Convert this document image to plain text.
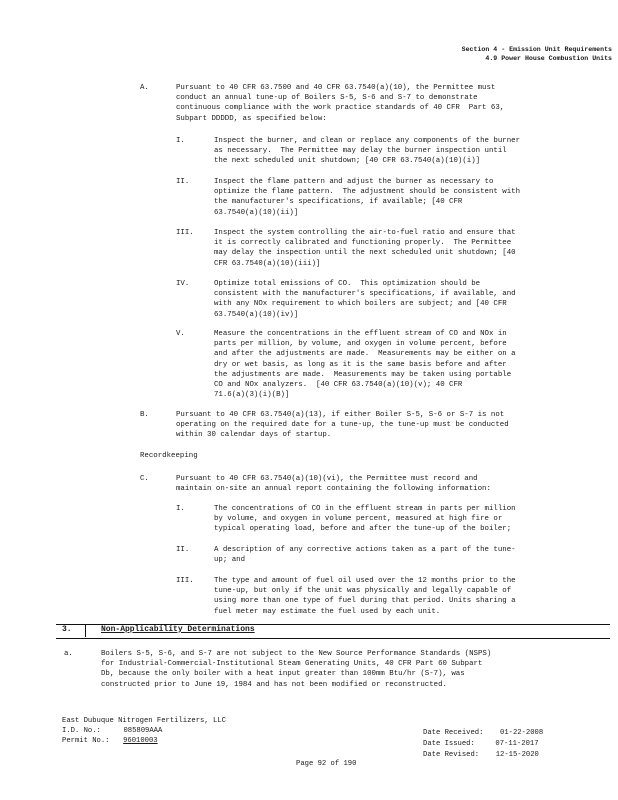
Section 4 - Emission Unit Requirements
4.9 Power House Combustion Units
A.	Pursuant to 40 CFR 63.7500 and 40 CFR 63.7540(a)(10), the Permittee must
conduct an annual tune-up of Boilers S-5, S-6 and S-7 to demonstrate
continuous compliance with the work practice standards of 40 CFR  Part 63,
Subpart DDDDD, as specified below:
I.	Inspect the burner, and clean or replace any components of the burner
as necessary.  The Permittee may delay the burner inspection until
the next scheduled unit shutdown; [40 CFR 63.7540(a)(10)(i)]
II.	Inspect the flame pattern and adjust the burner as necessary to
optimize the flame pattern.  The adjustment should be consistent with
the manufacturer's specifications, if available; [40 CFR
63.7540(a)(10)(ii)]
III.	Inspect the system controlling the air-to-fuel ratio and ensure that
it is correctly calibrated and functioning properly.  The Permittee
may delay the inspection until the next scheduled unit shutdown; [40
CFR 63.7540(a)(10)(iii)]
IV.	Optimize total emissions of CO.  This optimization should be
consistent with the manufacturer's specifications, if available, and
with any NOx requirement to which boilers are subject; and [40 CFR
63.7540(a)(10)(iv)]
V.	Measure the concentrations in the effluent stream of CO and NOx in
parts per million, by volume, and oxygen in volume percent, before
and after the adjustments are made.  Measurements may be either on a
dry or wet basis, as long as it is the same basis before and after
the adjustments are made.  Measurements may be taken using portable
CO and NOx analyzers.  [40 CFR 63.7540(a)(10)(v); 40 CFR
71.6(a)(3)(i)(B)]
B.	Pursuant to 40 CFR 63.7540(a)(13), if either Boiler S-5, S-6 or S-7 is not
operating on the required date for a tune-up, the tune-up must be conducted
within 30 calendar days of startup.
Recordkeeping
C.	Pursuant to 40 CFR 63.7540(a)(10)(vi), the Permittee must record and
maintain on-site an annual report containing the following information:
I.	The concentrations of CO in the effluent stream in parts per million
by volume, and oxygen in volume percent, measured at high fire or
typical operating load, before and after the tune-up of the boiler;
II.	A description of any corrective actions taken as a part of the tune-
up; and
III.	The type and amount of fuel oil used over the 12 months prior to the
tune-up, but only if the unit was physically and legally capable of
using more than one type of fuel during that period. Units sharing a
fuel meter may estimate the fuel used by each unit.
3.	Non-Applicability Determinations
a.	Boilers S-5, S-6, and S-7 are not subject to the New Source Performance Standards (NSPS)
for Industrial-Commercial-Institutional Steam Generating Units, 40 CFR Part 60 Subpart
Db, because the only boiler with a heat input greater than 100mm Btu/hr (S-7), was
constructed prior to June 19, 1984 and has not been modified or reconstructed.
East Dubuque Nitrogen Fertilizers, LLC
I.D. No.:	085809AAA
Permit No.: 96010003
Date Received: 01-22-2008
Date Issued:	07-11-2017
Date Revised: 12-15-2020
Page 92 of 190
